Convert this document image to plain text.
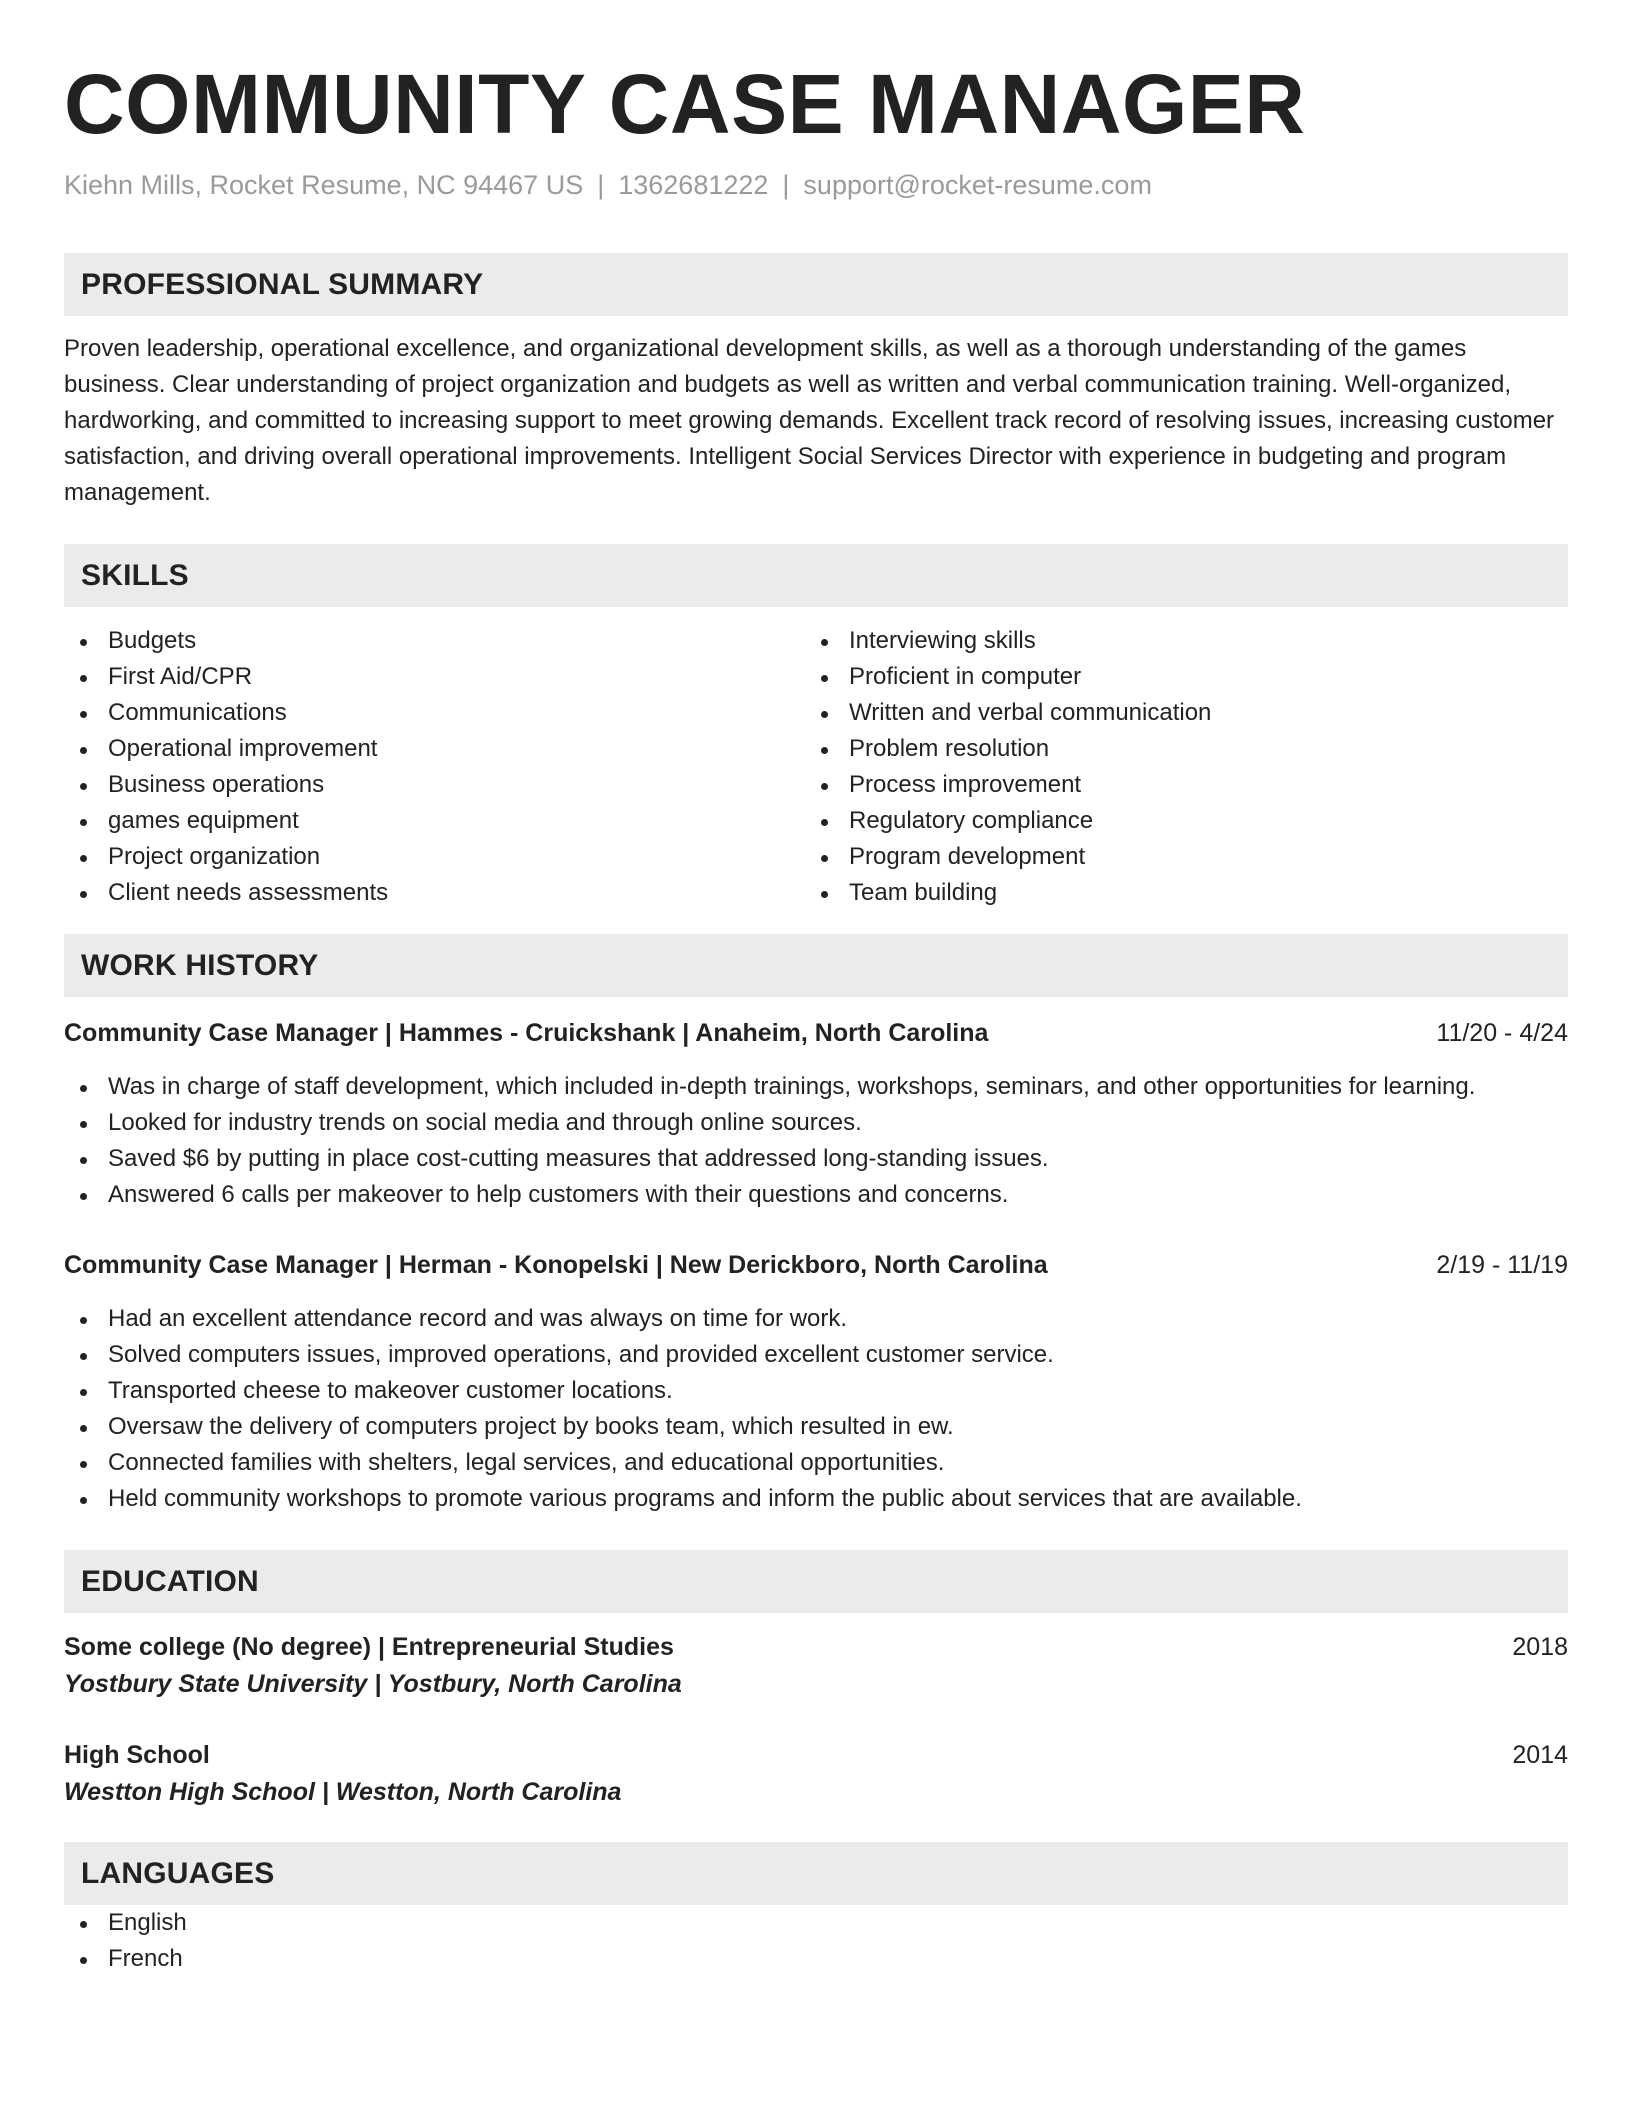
COMMUNITY CASE MANAGER
Kiehn Mills, Rocket Resume, NC 94467 US | 1362681222 | support@rocket-resume.com
PROFESSIONAL SUMMARY
Proven leadership, operational excellence, and organizational development skills, as well as a thorough understanding of the games business. Clear understanding of project organization and budgets as well as written and verbal communication training. Well-organized, hardworking, and committed to increasing support to meet growing demands. Excellent track record of resolving issues, increasing customer satisfaction, and driving overall operational improvements. Intelligent Social Services Director with experience in budgeting and program management.
SKILLS
Budgets
First Aid/CPR
Communications
Operational improvement
Business operations
games equipment
Project organization
Client needs assessments
Interviewing skills
Proficient in computer
Written and verbal communication
Problem resolution
Process improvement
Regulatory compliance
Program development
Team building
WORK HISTORY
Community Case Manager | Hammes - Cruickshank | Anaheim, North Carolina	11/20 - 4/24
Was in charge of staff development, which included in-depth trainings, workshops, seminars, and other opportunities for learning.
Looked for industry trends on social media and through online sources.
Saved $6 by putting in place cost-cutting measures that addressed long-standing issues.
Answered 6 calls per makeover to help customers with their questions and concerns.
Community Case Manager | Herman - Konopelski | New Derickboro, North Carolina	2/19 - 11/19
Had an excellent attendance record and was always on time for work.
Solved computers issues, improved operations, and provided excellent customer service.
Transported cheese to makeover customer locations.
Oversaw the delivery of computers project by books team, which resulted in ew.
Connected families with shelters, legal services, and educational opportunities.
Held community workshops to promote various programs and inform the public about services that are available.
EDUCATION
Some college (No degree) | Entrepreneurial Studies	2018
Yostbury State University | Yostbury, North Carolina
High School	2014
Westton High School | Westton, North Carolina
LANGUAGES
English
French
